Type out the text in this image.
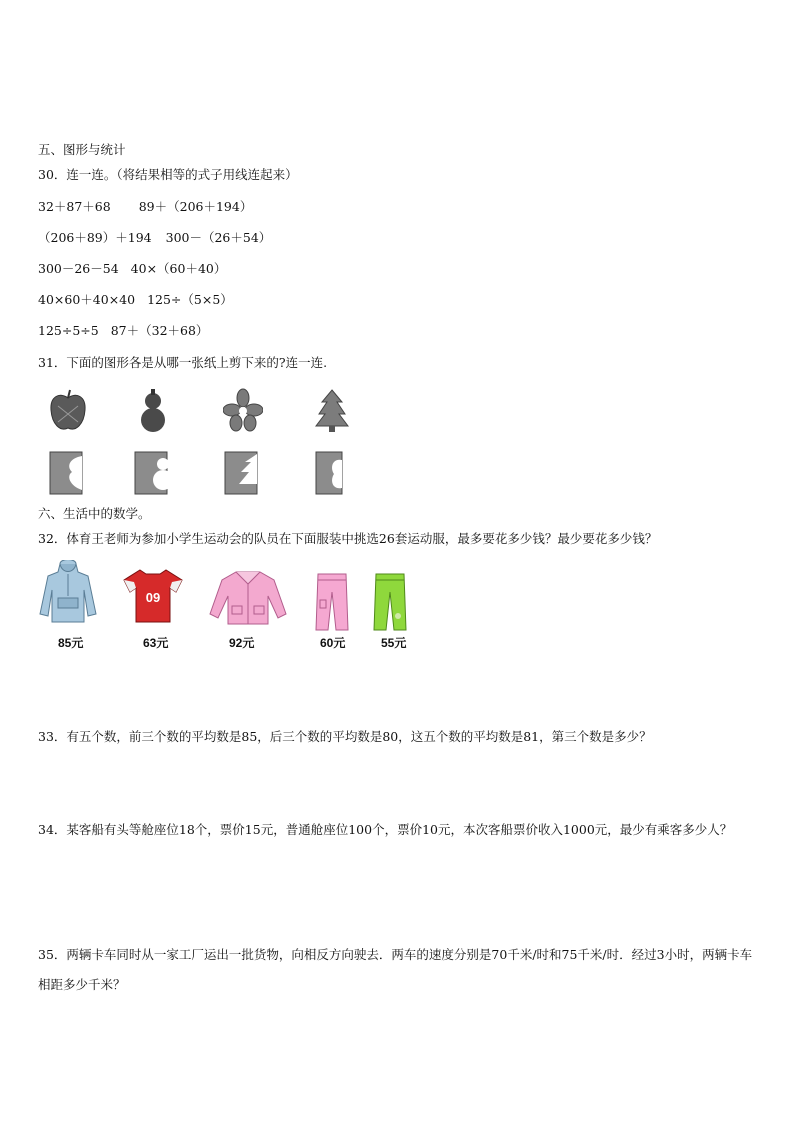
五、图形与统计
30．连一连。（将结果相等的式子用线连起来）
32＋87＋68 89＋（206＋194）
（206＋89）＋194 300－（26＋54）
300－26－54 40×（60＋40）
40×60＋40×40 125÷（5×5）
125÷5÷5 87＋（32＋68）
31．下面的图形各是从哪一张纸上剪下来的?连一连.
六、生活中的数学。
32．体育王老师为参加小学生运动会的队员在下面服装中挑选26套运动服，最多要花多少钱？最少要花多少钱？
09
85元	63元	92元	60元	55元
33．有五个数，前三个数的平均数是85，后三个数的平均数是80，这五个数的平均数是81，第三个数是多少？
34．某客船有头等舱座位18个，票价15元，普通舱座位100个，票价10元，本次客船票价收入1000元，最少有乘客多少人？
35．两辆卡车同时从一家工厂运出一批货物，向相反方向驶去．两车的速度分别是70千米/时和75千米/时．经过3小时，两辆卡车相距多少千米？
